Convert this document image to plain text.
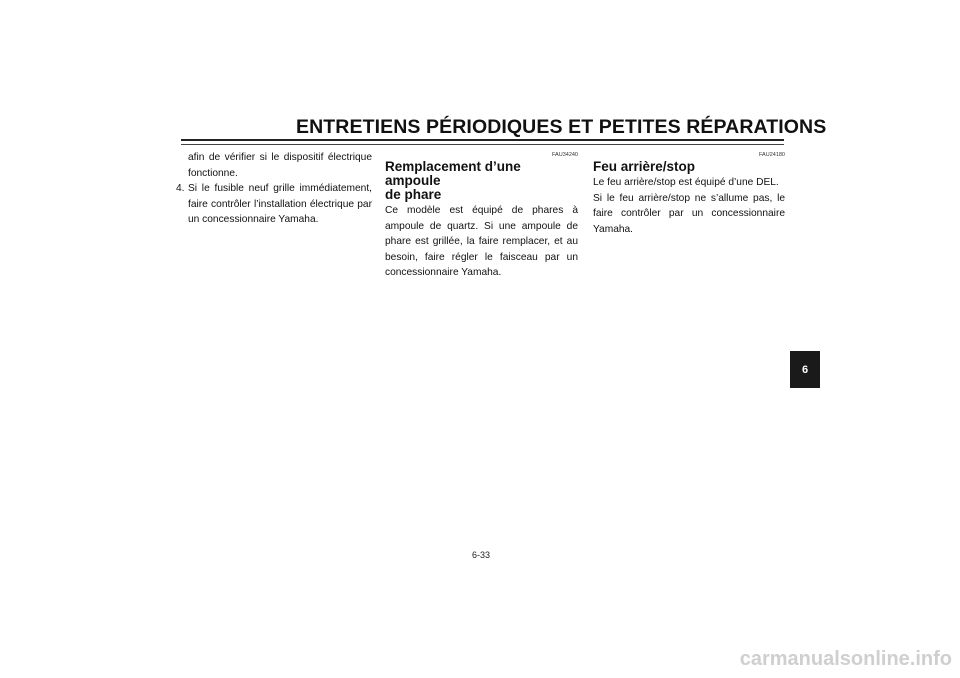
ENTRETIENS PÉRIODIQUES ET PETITES RÉPARATIONS
afin de vérifier si le dispositif électrique fonctionne.
4. Si le fusible neuf grille immédiatement, faire contrôler l’installation électrique par un concessionnaire Yamaha.
FAU34240
Remplacement d’une ampoule
de phare

Ce modèle est équipé de phares à ampoule de quartz. Si une ampoule de phare est grillée, la faire remplacer, et au besoin, faire régler le faisceau par un concessionnaire Yamaha.

FAU24180
Feu arrière/stop

Le feu arrière/stop est équipé d’une DEL.

Si le feu arrière/stop ne s’allume pas, le faire contrôler par un concessionnaire Yamaha.

6-33
6
carmanualsonline.info
